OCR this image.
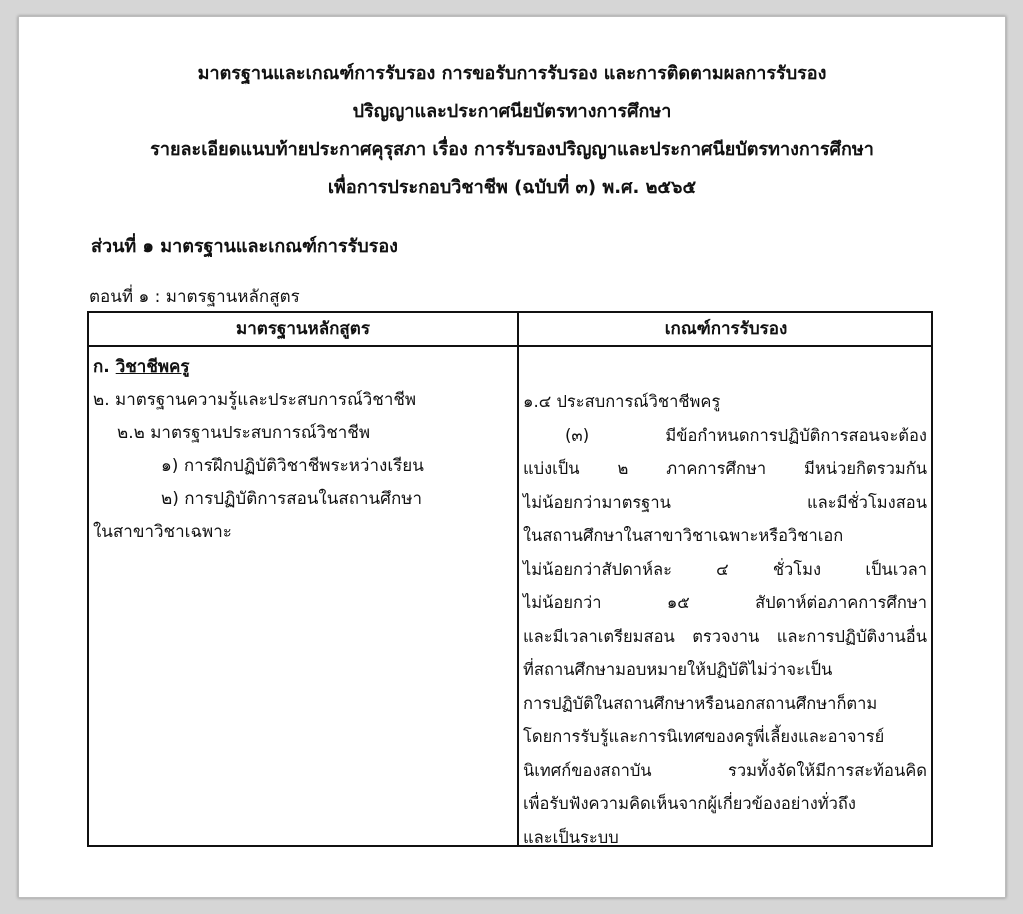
มาตรฐานและเกณฑ์การรับรอง การขอรับการรับรอง และการติดตามผลการรับรอง
ปริญญาและประกาศนียบัตรทางการศึกษา
รายละเอียดแนบท้ายประกาศคุรุสภา เรื่อง การรับรองปริญญาและประกาศนียบัตรทางการศึกษา
เพื่อการประกอบวิชาชีพ (ฉบับที่ ๓) พ.ศ. ๒๕๖๕
ส่วนที่ ๑ มาตรฐานและเกณฑ์การรับรอง
ตอนที่ ๑ : มาตรฐานหลักสูตร
มาตรฐานหลักสูตร	เกณฑ์การรับรอง
ก. วิชาชีพครู
๒. มาตรฐานความรู้และประสบการณ์วิชาชีพ
๒.๒ มาตรฐานประสบการณ์วิชาชีพ
๑) การฝึกปฏิบัติวิชาชีพระหว่างเรียน
๒) การปฏิบัติการสอนในสถานศึกษา
ในสาขาวิชาเฉพาะ
๑.๔ ประสบการณ์วิชาชีพครู
(๓) มีข้อกำหนดการปฏิบัติการสอนจะต้อง
แบ่งเป็น ๒ ภาคการศึกษา มีหน่วยกิตรวมกัน
ไม่น้อยกว่ามาตรฐาน และมีชั่วโมงสอน
ในสถานศึกษาในสาขาวิชาเฉพาะหรือวิชาเอก
ไม่น้อยกว่าสัปดาห์ละ ๔ ชั่วโมง เป็นเวลา
ไม่น้อยกว่า ๑๕ สัปดาห์ต่อภาคการศึกษา
และมีเวลาเตรียมสอน ตรวจงาน และการปฏิบัติงานอื่น
ที่สถานศึกษามอบหมายให้ปฏิบัติไม่ว่าจะเป็น
การปฏิบัติในสถานศึกษาหรือนอกสถานศึกษาก็ตาม
โดยการรับรู้และการนิเทศของครูพี่เลี้ยงและอาจารย์
นิเทศก์ของสถาบัน รวมทั้งจัดให้มีการสะท้อนคิด
เพื่อรับฟังความคิดเห็นจากผู้เกี่ยวข้องอย่างทั่วถึง
และเป็นระบบ
